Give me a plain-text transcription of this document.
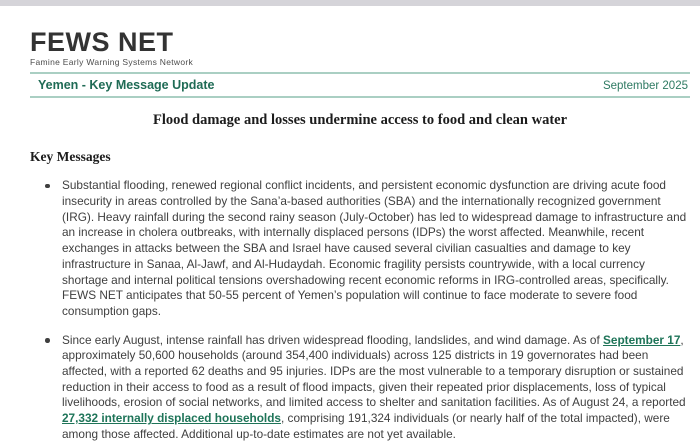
FEWS NET
Famine Early Warning Systems Network
Yemen - Key Message Update	September 2025
Flood damage and losses undermine access to food and clean water
Key Messages
Substantial flooding, renewed regional conflict incidents, and persistent economic dysfunction are driving acute food insecurity in areas controlled by the Sana’a-based authorities (SBA) and the internationally recognized government (IRG). Heavy rainfall during the second rainy season (July-October) has led to widespread damage to infrastructure and an increase in cholera outbreaks, with internally displaced persons (IDPs) the worst affected. Meanwhile, recent exchanges in attacks between the SBA and Israel have caused several civilian casualties and damage to key infrastructure in Sanaa, Al-Jawf, and Al-Hudaydah. Economic fragility persists countrywide, with a local currency shortage and internal political tensions overshadowing recent economic reforms in IRG-controlled areas, specifically. FEWS NET anticipates that 50-55 percent of Yemen’s population will continue to face moderate to severe food consumption gaps.
Since early August, intense rainfall has driven widespread flooding, landslides, and wind damage. As of September 17, approximately 50,600 households (around 354,400 individuals) across 125 districts in 19 governorates had been affected, with a reported 62 deaths and 95 injuries. IDPs are the most vulnerable to a temporary disruption or sustained reduction in their access to food as a result of flood impacts, given their repeated prior displacements, loss of typical livelihoods, erosion of social networks, and limited access to shelter and sanitation facilities. As of August 24, a reported 27,332 internally displaced households, comprising 191,324 individuals (or nearly half of the total impacted), were among those affected. Additional up-to-date estimates are not yet available.
